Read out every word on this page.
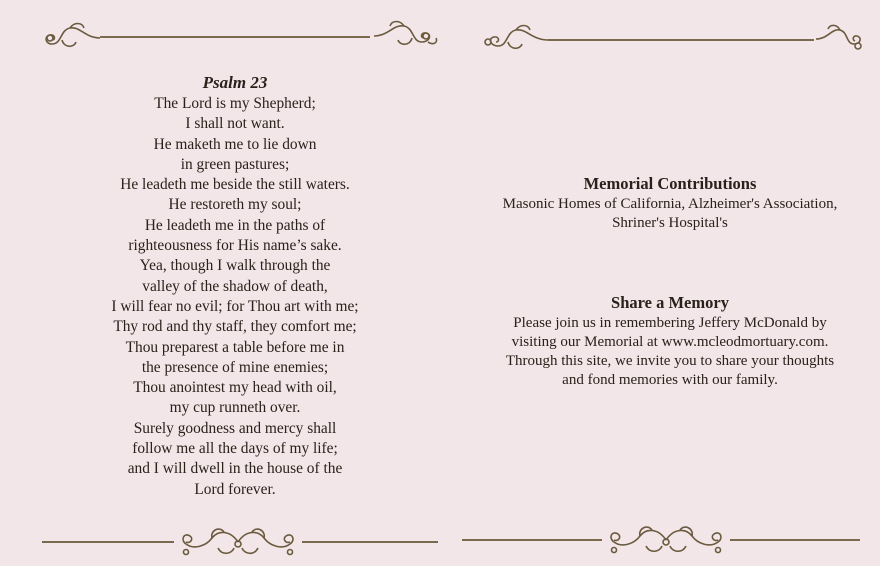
Psalm 23
The Lord is my Shepherd;
I shall not want.
He maketh me to lie down
in green pastures;
He leadeth me beside the still waters.
He restoreth my soul;
He leadeth me in the paths of
righteousness for His name’s sake.
Yea, though I walk through the
valley of the shadow of death,
I will fear no evil; for Thou art with me;
Thy rod and thy staff, they comfort me;
Thou preparest a table before me in
the presence of mine enemies;
Thou anointest my head with oil,
my cup runneth over.
Surely goodness and mercy shall
follow me all the days of my life;
and I will dwell in the house of the
Lord forever.
Memorial Contributions
Masonic Homes of California, Alzheimer's Association,
Shriner's Hospital's
Share a Memory
Please join us in remembering Jeffery McDonald by
visiting our Memorial at www.mcleodmortuary.com.
Through this site, we invite you to share your thoughts
and fond memories with our family.
